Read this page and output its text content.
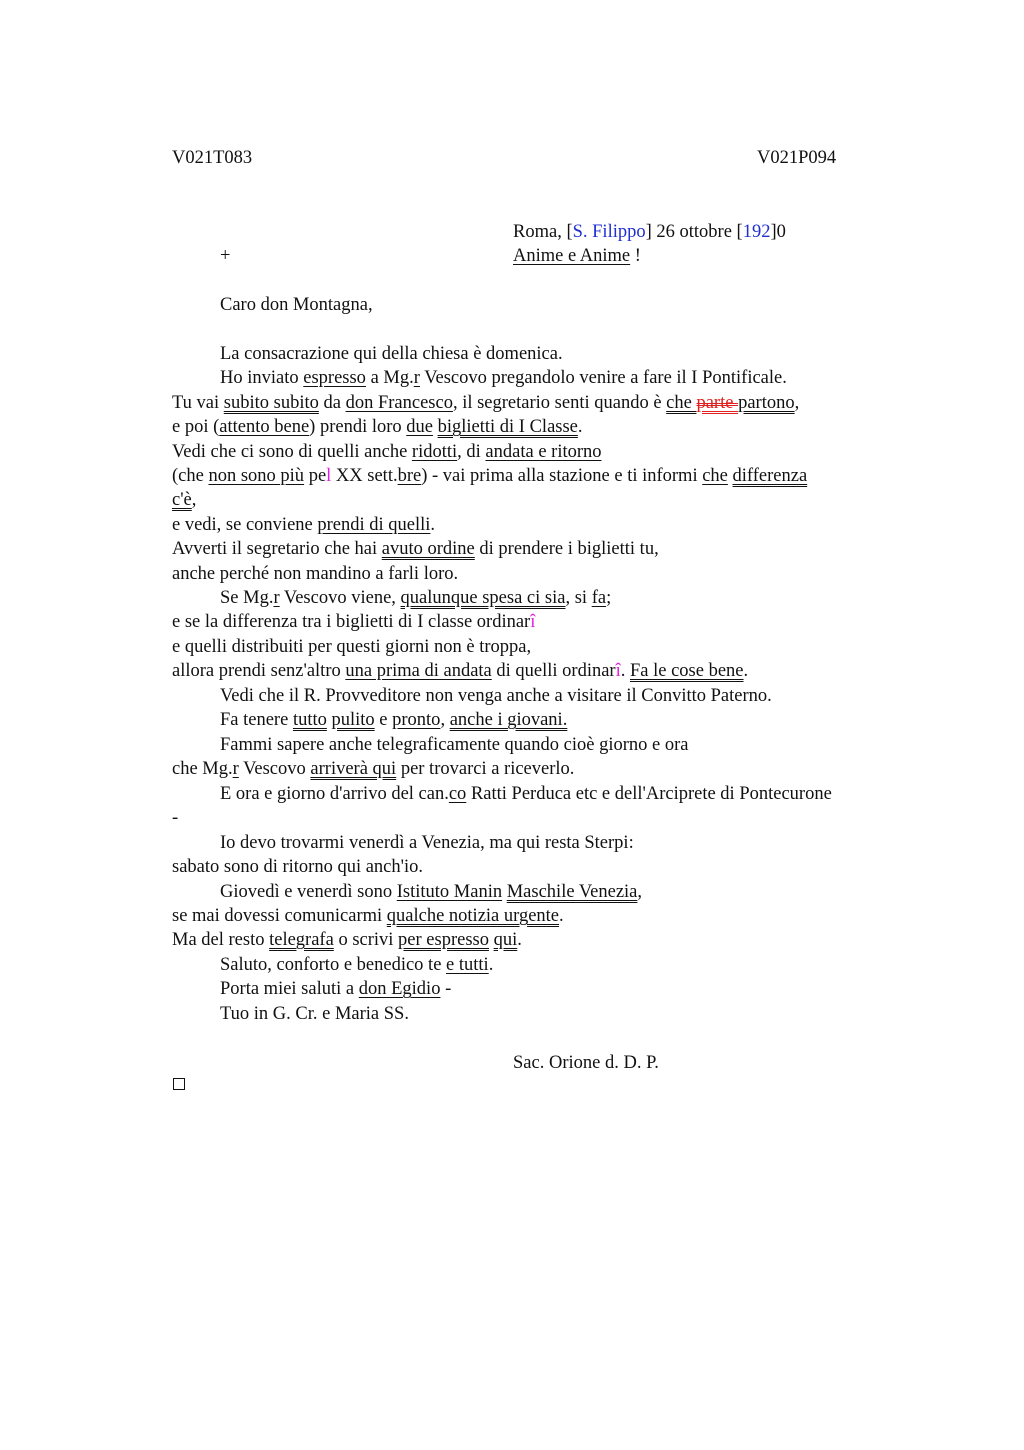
V021T083	V021P094
Roma, [S. Filippo] 26 ottobre [192]0
+	Anime e Anime !
Caro don Montagna,
La consacrazione qui della chiesa è domenica.
Ho inviato espresso a Mg.r Vescovo pregandolo venire a fare il I Pontificale.
Tu vai subito subito da don Francesco, il segretario senti quando è che parte partono,
e poi (attento bene) prendi loro due biglietti di I Classe.
Vedi che ci sono di quelli anche ridotti, di andata e ritorno
(che non sono più pel XX sett.bre) - vai prima alla stazione e ti informi che differenza
c'è,
e vedi, se conviene prendi di quelli.
Avverti il segretario che hai avuto ordine di prendere i biglietti tu,
anche perché non mandino a farli loro.
Se Mg.r Vescovo viene, qualunque spesa ci sia, si fa;
e se la differenza tra i biglietti di I classe ordinarî
e quelli distribuiti per questi giorni non è troppa,
allora prendi senz'altro una prima di andata di quelli ordinarî. Fa le cose bene.
Vedi che il R. Provveditore non venga anche a visitare il Convitto Paterno.
Fa tenere tutto pulito e pronto, anche i giovani.
Fammi sapere anche telegraficamente quando cioè giorno e ora
che Mg.r Vescovo arriverà qui per trovarci a riceverlo.
E ora e giorno d'arrivo del can.co Ratti Perduca etc e dell'Arciprete di Pontecurone
-
Io devo trovarmi venerdì a Venezia, ma qui resta Sterpi:
sabato sono di ritorno qui anch'io.
Giovedì e venerdì sono Istituto Manin Maschile Venezia,
se mai dovessi comunicarmi qualche notizia urgente.
Ma del resto telegrafa o scrivi per espresso qui.
Saluto, conforto e benedico te e tutti.
Porta miei saluti a don Egidio -
Tuo in G. Cr. e Maria SS.
Sac. Orione d. D. P.
